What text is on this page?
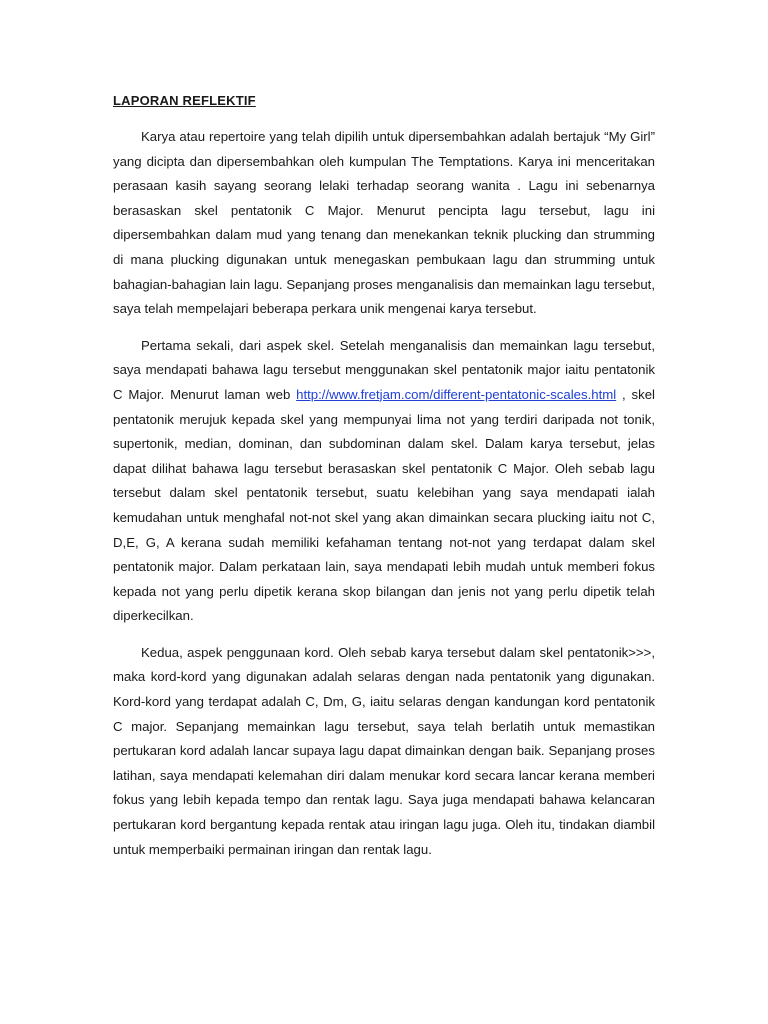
LAPORAN REFLEKTIF

Karya atau repertoire yang telah dipilih untuk dipersembahkan adalah bertajuk “My Girl” yang dicipta dan dipersembahkan oleh kumpulan The Temptations. Karya ini menceritakan perasaan kasih sayang seorang lelaki terhadap seorang wanita . Lagu ini sebenarnya berasaskan skel pentatonik C Major. Menurut pencipta lagu tersebut, lagu ini dipersembahkan dalam mud yang tenang dan menekankan teknik plucking dan strumming di mana plucking digunakan untuk menegaskan pembukaan lagu dan strumming untuk bahagian-bahagian lain lagu. Sepanjang proses menganalisis dan memainkan lagu tersebut, saya telah mempelajari beberapa perkara unik mengenai karya tersebut.

Pertama sekali, dari aspek skel. Setelah menganalisis dan memainkan lagu tersebut, saya mendapati bahawa lagu tersebut menggunakan skel pentatonik major iaitu pentatonik C Major. Menurut laman web http://www.fretjam.com/different-pentatonic-scales.html , skel pentatonik merujuk kepada skel yang mempunyai lima not yang terdiri daripada not tonik, supertonik, median, dominan, dan subdominan dalam skel. Dalam karya tersebut, jelas dapat dilihat bahawa lagu tersebut berasaskan skel pentatonik C Major. Oleh sebab lagu tersebut dalam skel pentatonik tersebut, suatu kelebihan yang saya mendapati ialah kemudahan untuk menghafal not-not skel yang akan dimainkan secara plucking iaitu not C, D,E, G, A kerana sudah memiliki kefahaman tentang not-not yang terdapat dalam skel pentatonik major. Dalam perkataan lain, saya mendapati lebih mudah untuk memberi fokus kepada not yang perlu dipetik kerana skop bilangan dan jenis not yang perlu dipetik telah diperkecilkan.

Kedua, aspek penggunaan kord. Oleh sebab karya tersebut dalam skel pentatonik>>>, maka kord-kord yang digunakan adalah selaras dengan nada pentatonik yang digunakan. Kord-kord yang terdapat adalah C, Dm, G, iaitu selaras dengan kandungan kord pentatonik C major. Sepanjang memainkan lagu tersebut, saya telah berlatih untuk memastikan pertukaran kord adalah lancar supaya lagu dapat dimainkan dengan baik. Sepanjang proses latihan, saya mendapati kelemahan diri dalam menukar kord secara lancar kerana memberi fokus yang lebih kepada tempo dan rentak lagu. Saya juga mendapati bahawa kelancaran pertukaran kord bergantung kepada rentak atau iringan lagu juga. Oleh itu, tindakan diambil untuk memperbaiki permainan iringan dan rentak lagu.
